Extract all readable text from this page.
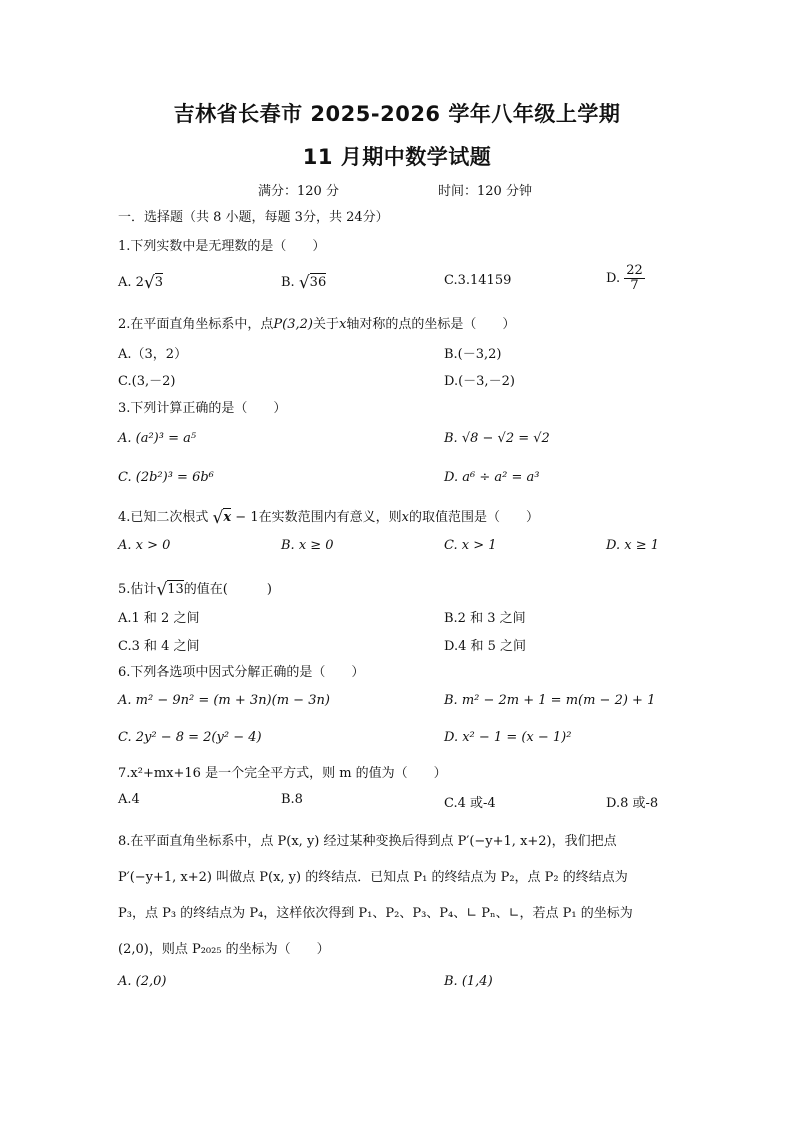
吉林省长春市 2025-2026 学年八年级上学期
11 月期中数学试题
满分：120 分	时间：120 分钟
一．选择题（共 8 小题，每题 3分，共 24分）
1.下列实数中是无理数的是（　　）
A. 2√3	B. √36	C.3.14159	D. $\frac{22}{7}$
2.在平面直角坐标系中，点P(3,2)关于x轴对称的点的坐标是（　　）
A.（3，2）	B.(－3,2)
C.(3,－2)	D.(－3,－2)
3.下列计算正确的是（　　）
A. (a²)³ = a⁵	B. √8 − √2 = √2
C. (2b²)³ = 6b⁶	D. a⁶ ÷ a² = a³
4.已知二次根式 √x − 1在实数范围内有意义，则x的取值范围是（　　）
A. x > 0	B. x ≥ 0	C. x > 1	D. x ≥ 1
5.估计√13的值在(　　　)
A.1 和 2 之间	B.2 和 3 之间
C.3 和 4 之间	D.4 和 5 之间
6.下列各选项中因式分解正确的是（　　）
A. m² − 9n² = (m + 3n)(m − 3n)	B. m² − 2m + 1 = m(m − 2) + 1
C. 2y² − 8 = 2(y² − 4)	D. x² − 1 = (x − 1)²
7.x²+mx+16 是一个完全平方式，则 m 的值为（　　）
A.4	B.8	C.4 或-4	D.8 或-8
8.在平面直角坐标系中，点 P(x, y) 经过某种变换后得到点 P′(−y+1, x+2)，我们把点
P′(−y+1, x+2) 叫做点 P(x, y) 的终结点．已知点 P₁ 的终结点为 P₂，点 P₂ 的终结点为
P₃，点 P₃ 的终结点为 P₄，这样依次得到 P₁、P₂、P₃、P₄、∟ Pₙ、∟，若点 P₁ 的坐标为
(2,0)，则点 P₂₀₂₅ 的坐标为（　　）
A. (2,0)	B. (1,4)
